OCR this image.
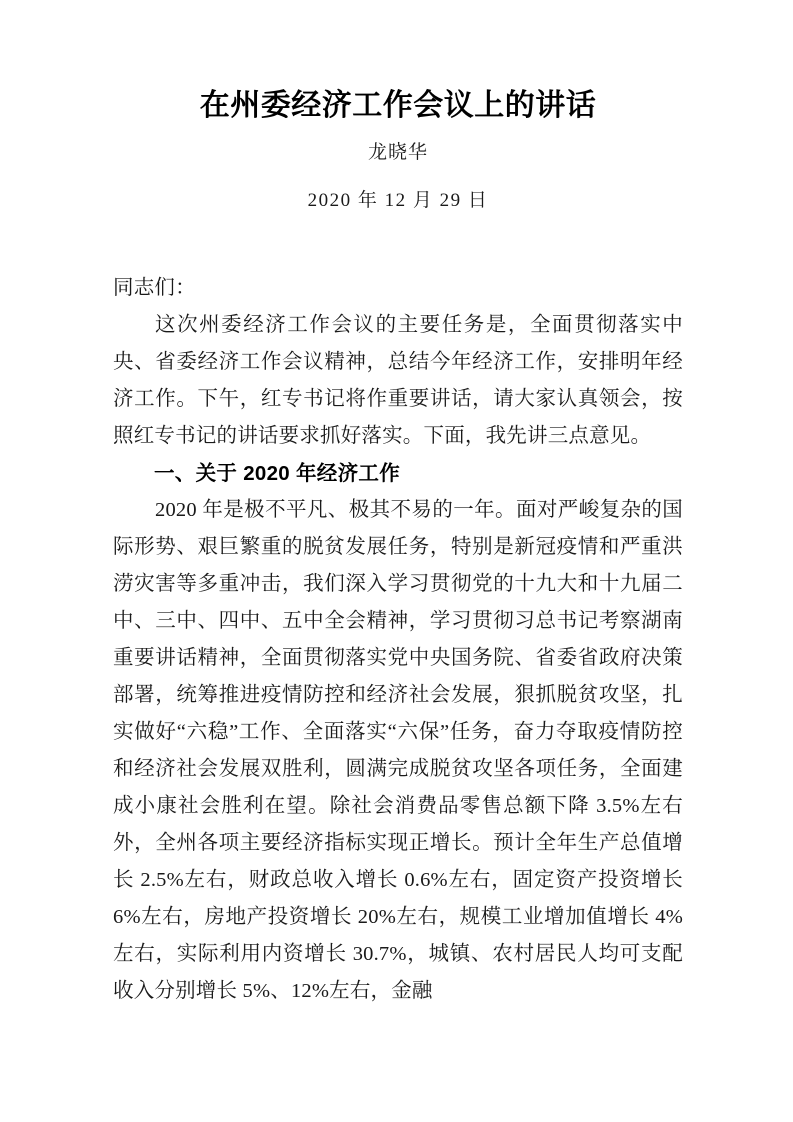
在州委经济工作会议上的讲话

龙晓华

2020 年 12 月 29 日

同志们：

这次州委经济工作会议的主要任务是，全面贯彻落实中央、省委经济工作会议精神，总结今年经济工作，安排明年经济工作。下午，红专书记将作重要讲话，请大家认真领会，按照红专书记的讲话要求抓好落实。下面，我先讲三点意见。

一、关于 2020 年经济工作

2020 年是极不平凡、极其不易的一年。面对严峻复杂的国际形势、艰巨繁重的脱贫发展任务，特别是新冠疫情和严重洪涝灾害等多重冲击，我们深入学习贯彻党的十九大和十九届二中、三中、四中、五中全会精神，学习贯彻习总书记考察湖南重要讲话精神，全面贯彻落实党中央国务院、省委省政府决策部署，统筹推进疫情防控和经济社会发展，狠抓脱贫攻坚，扎实做好“六稳”工作、全面落实“六保”任务，奋力夺取疫情防控和经济社会发展双胜利，圆满完成脱贫攻坚各项任务，全面建成小康社会胜利在望。除社会消费品零售总额下降 3.5%左右外，全州各项主要经济指标实现正增长。预计全年生产总值增长 2.5%左右，财政总收入增长 0.6%左右，固定资产投资增长 6%左右，房地产投资增长 20%左右，规模工业增加值增长 4%左右，实际利用内资增长 30.7%，城镇、农村居民人均可支配收入分别增长 5%、12%左右，金融
